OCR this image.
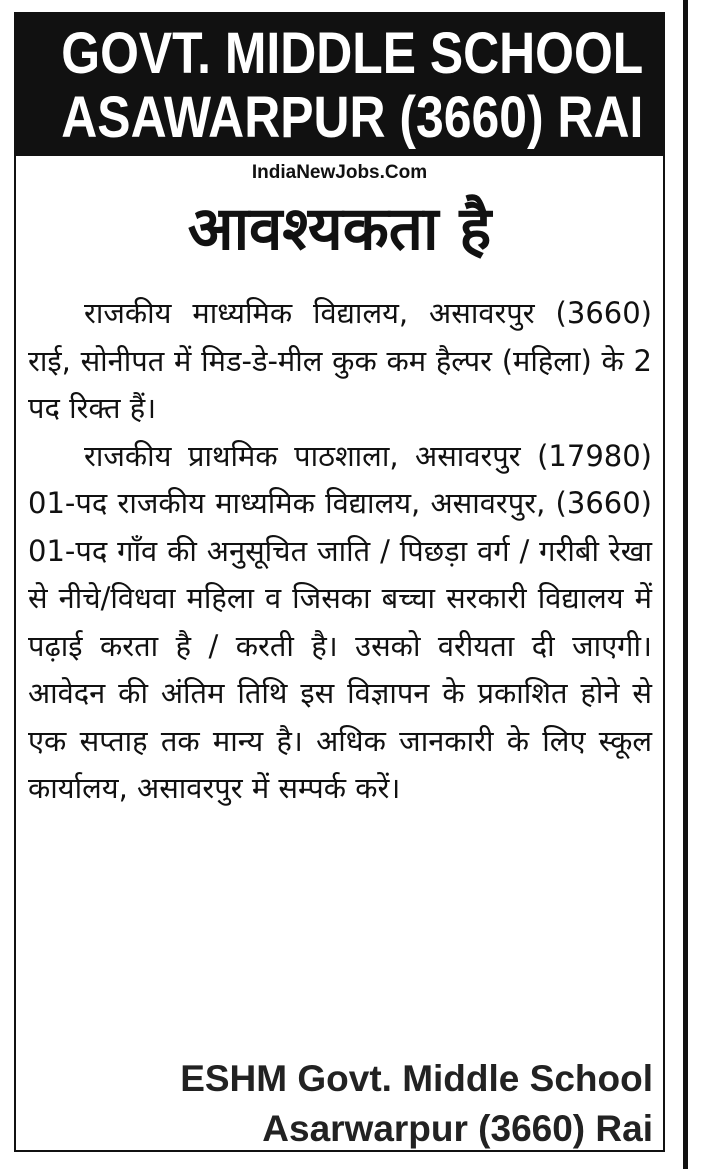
GOVT. MIDDLE SCHOOL
ASAWARPUR (3660) RAI
IndiaNewJobs.Com
आवश्यकता है

राजकीय माध्यमिक विद्यालय, असावरपुर (3660) राई, सोनीपत में मिड-डे-मील कुक कम हैल्पर (महिला) के 2 पद रिक्त हैं।

राजकीय प्राथमिक पाठशाला, असावरपुर (17980) 01-पद राजकीय माध्यमिक विद्यालय, असावरपुर, (3660) 01-पद गाँव की अनुसूचित जाति / पिछड़ा वर्ग / गरीबी रेखा से नीचे/विधवा महिला व जिसका बच्चा सरकारी विद्यालय में पढ़ाई करता है / करती है। उसको वरीयता दी जाएगी। आवेदन की अंतिम तिथि इस विज्ञापन के प्रकाशित होने से एक सप्ताह तक मान्य है। अधिक जानकारी के लिए स्कूल कार्यालय, असावरपुर में सम्पर्क करें।

ESHM Govt. Middle School
Asarwarpur (3660) Rai
